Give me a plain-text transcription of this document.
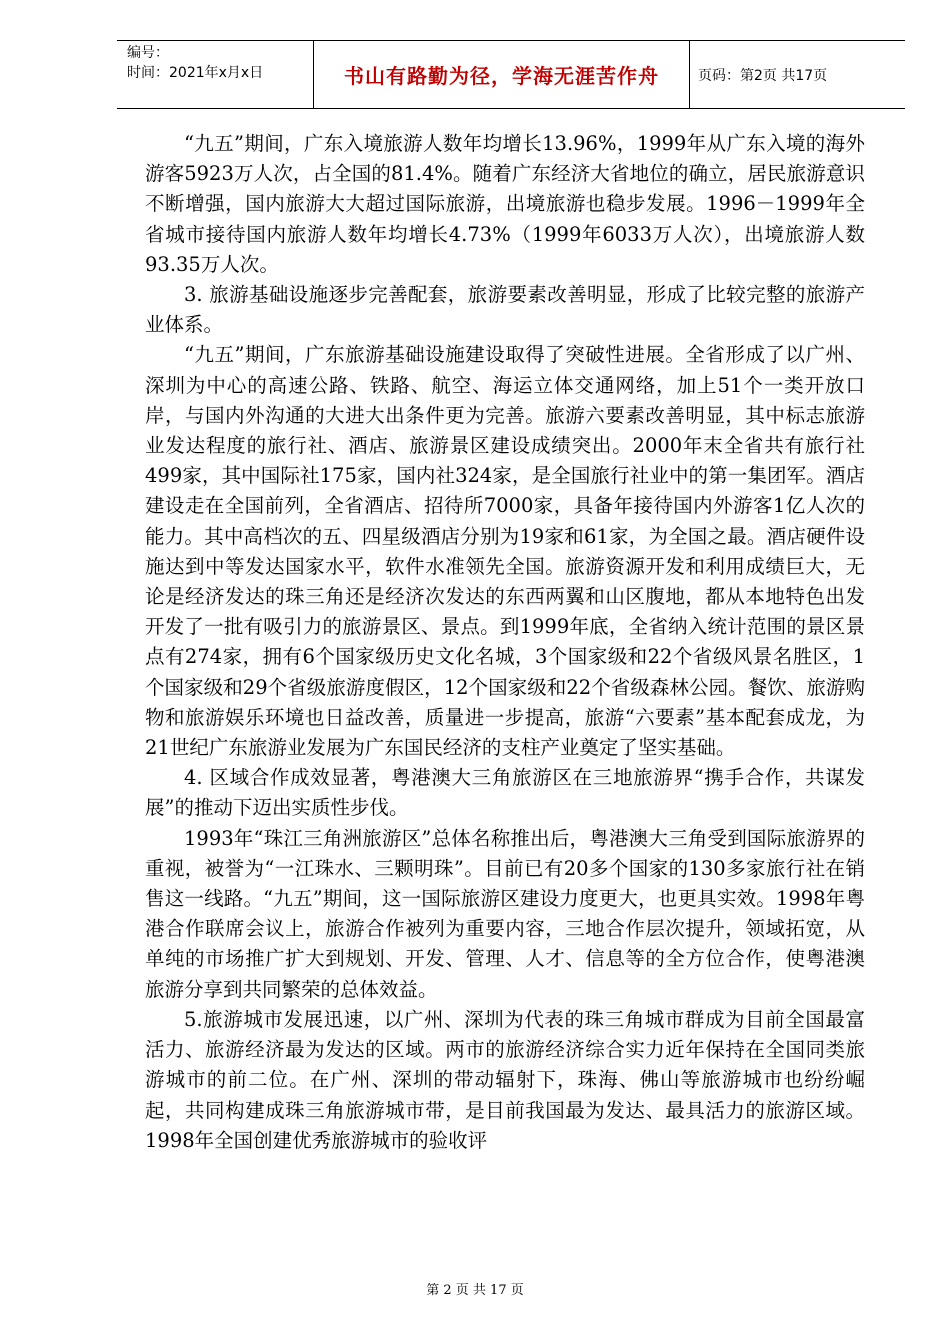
编号：
时间：2021年x月x日	书山有路勤为径，学海无涯苦作舟	页码：第2页 共17页

“九五”期间，广东入境旅游人数年均增长13.96%，1999年从广东入境的海外游客5923万人次，占全国的81.4%。随着广东经济大省地位的确立，居民旅游意识不断增强，国内旅游大大超过国际旅游，出境旅游也稳步发展。1996－1999年全省城市接待国内旅游人数年均增长4.73%（1999年6033万人次），出境旅游人数93.35万人次。

3. 旅游基础设施逐步完善配套，旅游要素改善明显，形成了比较完整的旅游产业体系。

“九五”期间，广东旅游基础设施建设取得了突破性进展。全省形成了以广州、深圳为中心的高速公路、铁路、航空、海运立体交通网络，加上51个一类开放口岸，与国内外沟通的大进大出条件更为完善。旅游六要素改善明显，其中标志旅游业发达程度的旅行社、酒店、旅游景区建设成绩突出。2000年末全省共有旅行社499家，其中国际社175家，国内社324家，是全国旅行社业中的第一集团军。酒店建设走在全国前列，全省酒店、招待所7000家，具备年接待国内外游客1亿人次的能力。其中高档次的五、四星级酒店分别为19家和61家，为全国之最。酒店硬件设施达到中等发达国家水平，软件水准领先全国。旅游资源开发和利用成绩巨大，无论是经济发达的珠三角还是经济次发达的东西两翼和山区腹地，都从本地特色出发开发了一批有吸引力的旅游景区、景点。到1999年底，全省纳入统计范围的景区景点有274家，拥有6个国家级历史文化名城，3个国家级和22个省级风景名胜区，1个国家级和29个省级旅游度假区，12个国家级和22个省级森林公园。餐饮、旅游购物和旅游娱乐环境也日益改善，质量进一步提高，旅游“六要素”基本配套成龙，为21世纪广东旅游业发展为广东国民经济的支柱产业奠定了坚实基础。

4. 区域合作成效显著，粤港澳大三角旅游区在三地旅游界“携手合作，共谋发展”的推动下迈出实质性步伐。

1993年“珠江三角洲旅游区”总体名称推出后，粤港澳大三角受到国际旅游界的重视，被誉为“一江珠水、三颗明珠”。目前已有20多个国家的130多家旅行社在销售这一线路。“九五”期间，这一国际旅游区建设力度更大，也更具实效。1998年粤港合作联席会议上，旅游合作被列为重要内容，三地合作层次提升，领域拓宽，从单纯的市场推广扩大到规划、开发、管理、人才、信息等的全方位合作，使粤港澳旅游分享到共同繁荣的总体效益。

5.旅游城市发展迅速，以广州、深圳为代表的珠三角城市群成为目前全国最富活力、旅游经济最为发达的区域。两市的旅游经济综合实力近年保持在全国同类旅游城市的前二位。在广州、深圳的带动辐射下，珠海、佛山等旅游城市也纷纷崛起，共同构建成珠三角旅游城市带，是目前我国最为发达、最具活力的旅游区域。1998年全国创建优秀旅游城市的验收评

第 2 页 共 17 页
